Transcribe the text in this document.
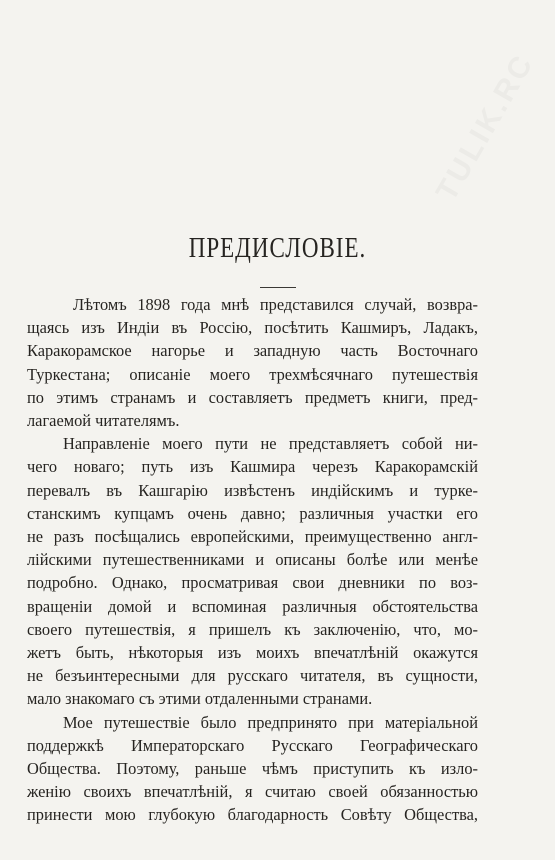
TULIK.RC
ПРЕДИСЛОВІЕ.
Лѣтомъ 1898 года мнѣ представился случай, возвра-
щаясь изъ Индіи въ Россію, посѣтить Кашмиръ, Ладакъ,
Каракорамское нагорье и западную часть Восточнаго
Туркестана; описаніе моего трехмѣсячнаго путешествія
по этимъ странамъ и составляетъ предметъ книги, пред-
лагаемой читателямъ.
Направленіе моего пути не представляетъ собой ни-
чего новаго; путь изъ Кашмира черезъ Каракорамскій
перевалъ въ Кашгарію извѣстенъ индійскимъ и турке-
станскимъ купцамъ очень давно; различныя участки его
не разъ посѣщались европейскими, преимущественно англ-
лійскими путешественниками и описаны болѣе или менѣе
подробно. Однако, просматривая свои дневники по воз-
вращеніи домой и вспоминая различныя обстоятельства
своего путешествія, я пришелъ къ заключенію, что, мо-
жетъ быть, нѣкоторыя изъ моихъ впечатлѣній окажутся
не безъинтересными для русскаго читателя, въ сущности,
мало знакомаго съ этими отдаленными странами.
Мое путешествіе было предпринято при матеріальной
поддержкѣ Императорскаго Русскаго Географическаго
Общества. Поэтому, раньше чѣмъ приступить къ изло-
женію своихъ впечатлѣній, я считаю своей обязанностью
принести мою глубокую благодарность Совѣту Общества,
